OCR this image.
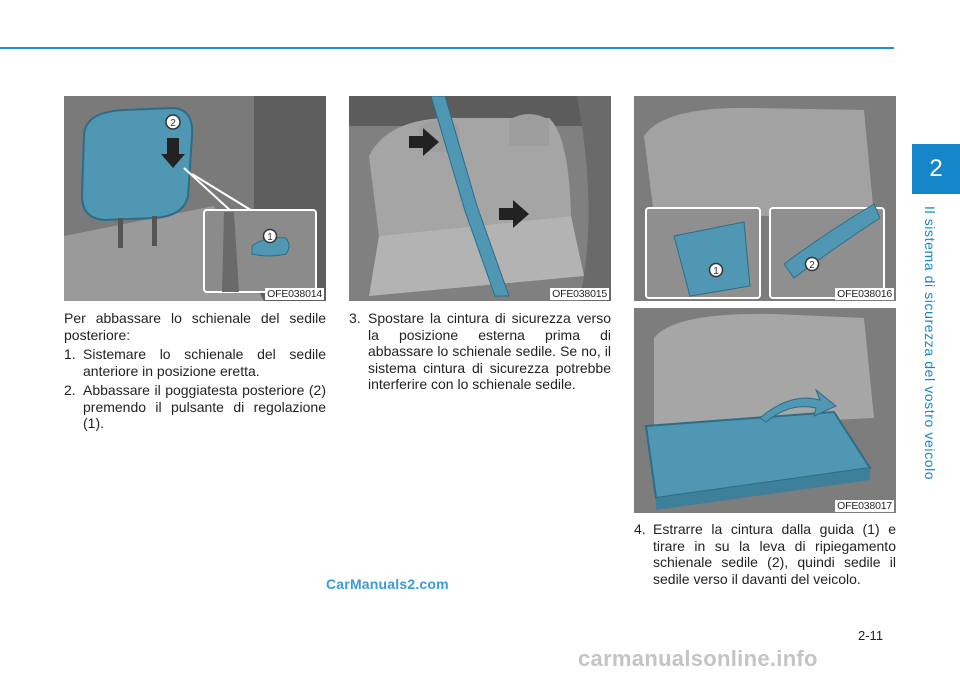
2
Il sistema di sicurezza del vostro veicolo
2
1
OFE038014	OFE038015
1
2
OFE038016
OFE038017

Per abbassare lo schienale del sedile posteriore:

1. Sistemare lo schienale del sedile anteriore in posizione eretta.

2. Abbassare il poggiatesta posteriore (2) premendo il pulsante di regolazione (1).

3. Spostare la cintura di sicurezza verso la posizione esterna prima di abbassare lo schienale sedile. Se no, il sistema cintura di sicurezza potrebbe interferire con lo schienale sedile.

4. Estrarre la cintura dalla guida (1) e tirare in su la leva di ripiegamento schienale sedile (2), quindi sedile il sedile verso il davanti del veicolo.

CarManuals2.com
2-11
carmanualsonline.info
